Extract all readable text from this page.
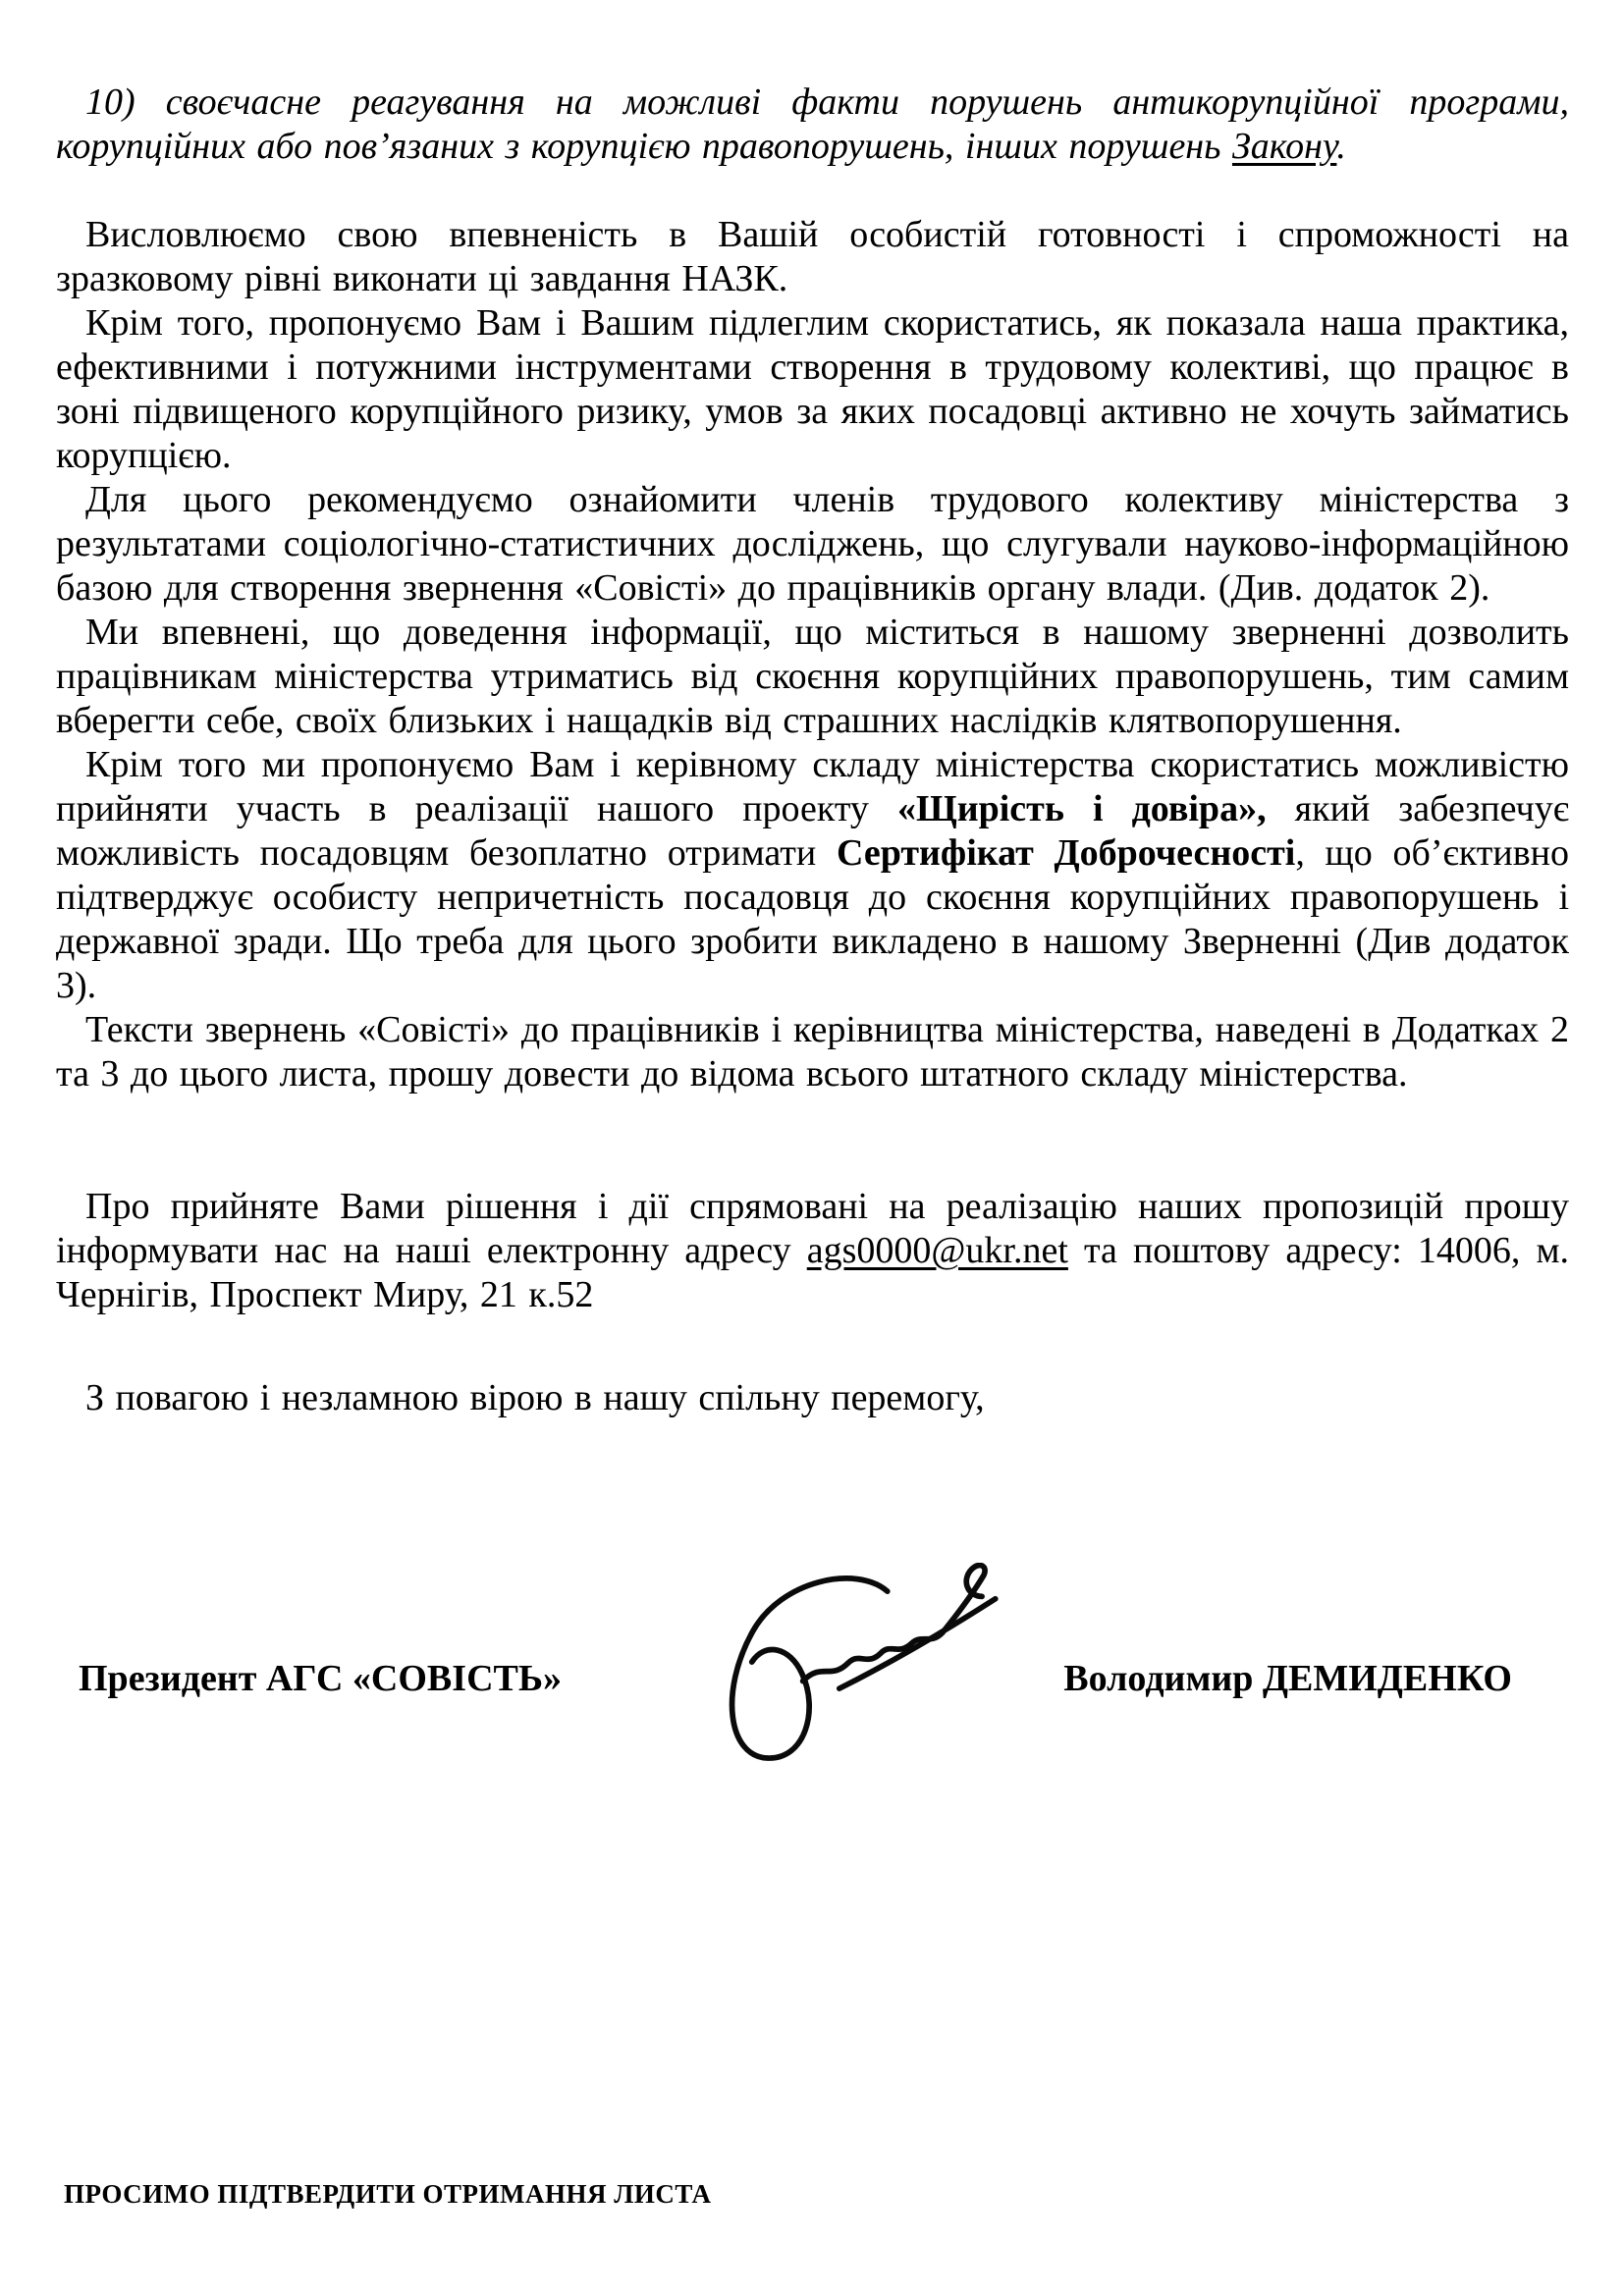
10) своєчасне реагування на можливі факти порушень антикорупційної програми, корупційних або пов’язаних з корупцією правопорушень, інших порушень Закону.

Висловлюємо свою впевненість в Вашій особистій готовності і спроможності на зразковому рівні виконати ці завдання НАЗК.

Крім того, пропонуємо Вам і Вашим підлеглим скористатись, як показала наша практика, ефективними і потужними інструментами створення в трудовому колективі, що працює в зоні підвищеного корупційного ризику, умов за яких посадовці активно не хочуть займатись корупцією.

Для цього рекомендуємо ознайомити членів трудового колективу міністерства з результатами соціологічно-статистичних досліджень, що слугували науково-інформаційною базою для створення звернення «Совісті» до працівників органу влади. (Див. додаток 2).

Ми впевнені, що доведення інформації, що міститься в нашому зверненні дозволить працівникам міністерства утриматись від скоєння корупційних правопорушень, тим самим вберегти себе, своїх близьких і нащадків від страшних наслідків клятвопорушення.

Крім того ми пропонуємо Вам і керівному складу міністерства скористатись можливістю прийняти участь в реалізації нашого проекту «Щирість і довіра», який забезпечує можливість посадовцям безоплатно отримати Сертифікат Доброчесності, що об’єктивно підтверджує особисту непричетність посадовця до скоєння корупційних правопорушень і державної зради. Що треба для цього зробити викладено в нашому Зверненні (Див додаток 3).

Тексти звернень «Совісті» до працівників і керівництва міністерства, наведені в Додатках 2 та 3 до цього листа, прошу довести до відома всього штатного складу міністерства.

Про прийняте Вами рішення і дії спрямовані на реалізацію наших пропозицій прошу інформувати нас на наші електронну адресу ags0000@ukr.net та поштову адресу: 14006, м. Чернігів, Проспект Миру, 21 к.52

З повагою і незламною вірою в нашу спільну перемогу,

Президент АГС «СОВІСТЬ»	Володимир ДЕМИДЕНКО
ПРОСИМО ПІДТВЕРДИТИ ОТРИМАННЯ ЛИСТА
